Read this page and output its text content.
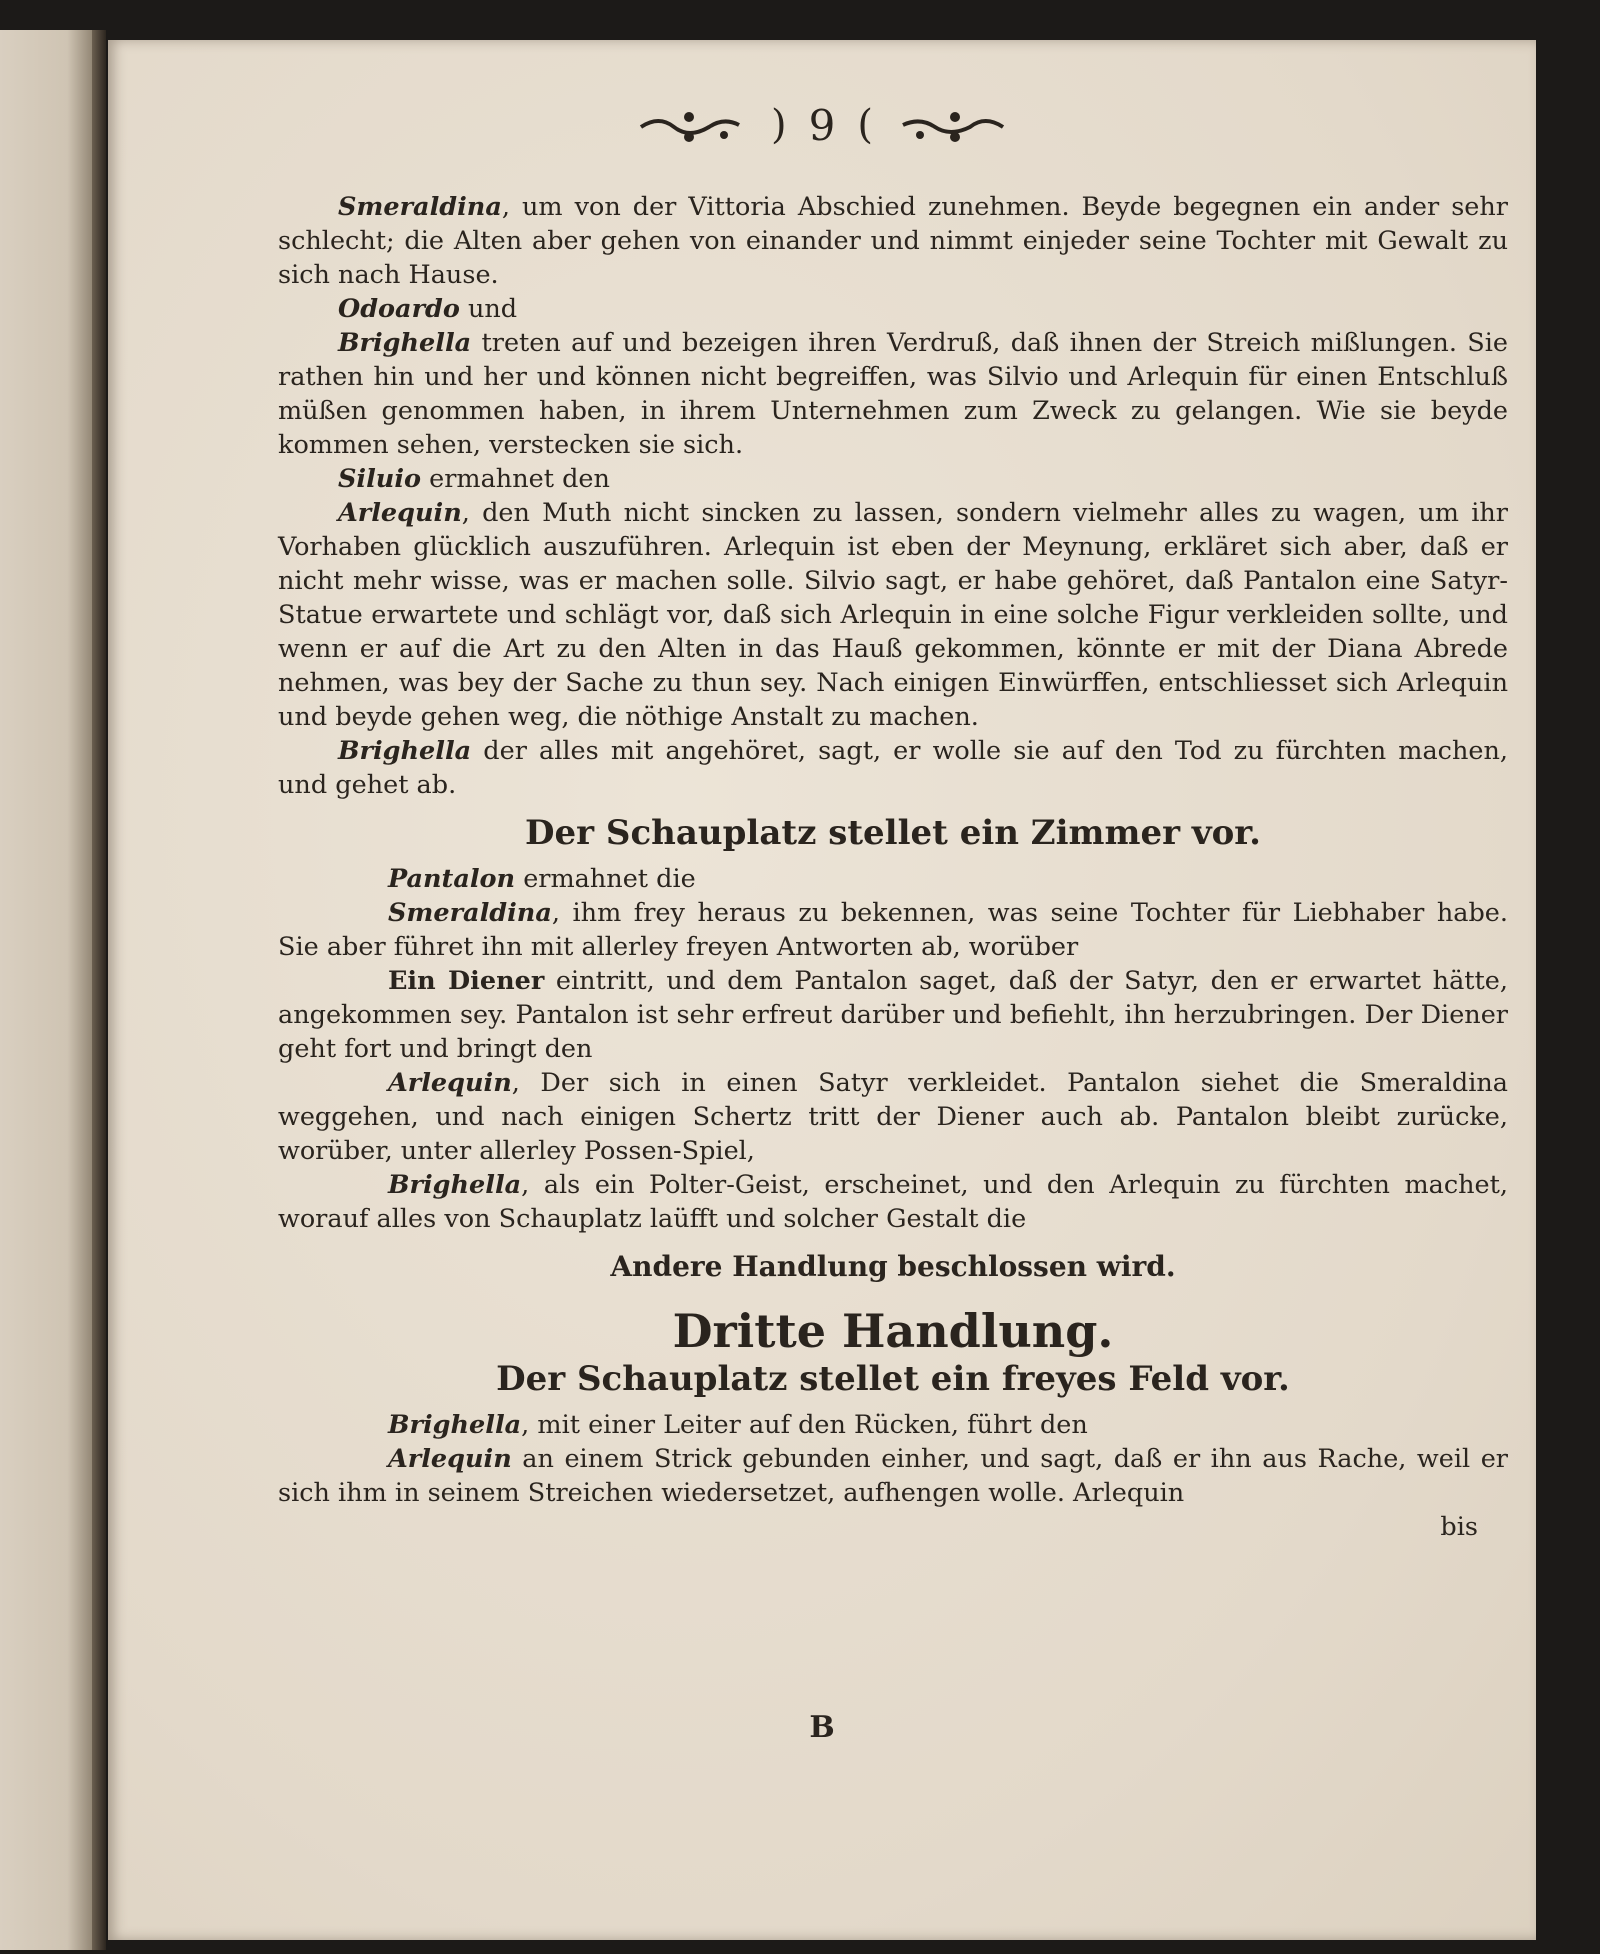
) 9 (

Smeraldina, um von der Vittoria Abschied zunehmen. Beyde begegnen ein ander sehr schlecht; die Alten aber gehen von einander und nimmt einjeder seine Tochter mit Gewalt zu sich nach Hause.

Odoardo und

Brighella treten auf und bezeigen ihren Verdruß, daß ihnen der Streich mißlungen. Sie rathen hin und her und können nicht begreiffen, was Silvio und Arlequin für einen Entschluß müßen genommen haben, in ihrem Unternehmen zum Zweck zu gelangen. Wie sie beyde kommen sehen, verstecken sie sich.

Siluio ermahnet den

Arlequin, den Muth nicht sincken zu lassen, sondern vielmehr alles zu wagen, um ihr Vorhaben glücklich auszuführen. Arlequin ist eben der Meynung, erkläret sich aber, daß er nicht mehr wisse, was er machen solle. Silvio sagt, er habe gehöret, daß Pantalon eine Satyr-Statue erwartete und schlägt vor, daß sich Arlequin in eine solche Figur verkleiden sollte, und wenn er auf die Art zu den Alten in das Hauß gekommen, könnte er mit der Diana Abrede nehmen, was bey der Sache zu thun sey. Nach einigen Einwürffen, entschliesset sich Arlequin und beyde gehen weg, die nöthige Anstalt zu machen.

Brighella der alles mit angehöret, sagt, er wolle sie auf den Tod zu fürchten machen, und gehet ab.

Der Schauplatz stellet ein Zimmer vor.

Pantalon ermahnet die

Smeraldina, ihm frey heraus zu bekennen, was seine Tochter für Liebhaber habe. Sie aber führet ihn mit allerley freyen Antworten ab, worüber

Ein Diener eintritt, und dem Pantalon saget, daß der Satyr, den er erwartet hätte, angekommen sey. Pantalon ist sehr erfreut darüber und befiehlt, ihn herzubringen. Der Diener geht fort und bringt den

Arlequin, Der sich in einen Satyr verkleidet. Pantalon siehet die Smeraldina weggehen, und nach einigen Schertz tritt der Diener auch ab. Pantalon bleibt zurücke, worüber, unter allerley Possen-Spiel,

Brighella, als ein Polter-Geist, erscheinet, und den Arlequin zu fürchten machet, worauf alles von Schauplatz laüfft und solcher Gestalt die

Andere Handlung beschlossen wird.
Dritte Handlung.
Der Schauplatz stellet ein freyes Feld vor.

Brighella, mit einer Leiter auf den Rücken, führt den

Arlequin an einem Strick gebunden einher, und sagt, daß er ihn aus Rache, weil er sich ihm in seinem Streichen wiedersetzet, aufhengen wolle. Arlequin

bis
B
